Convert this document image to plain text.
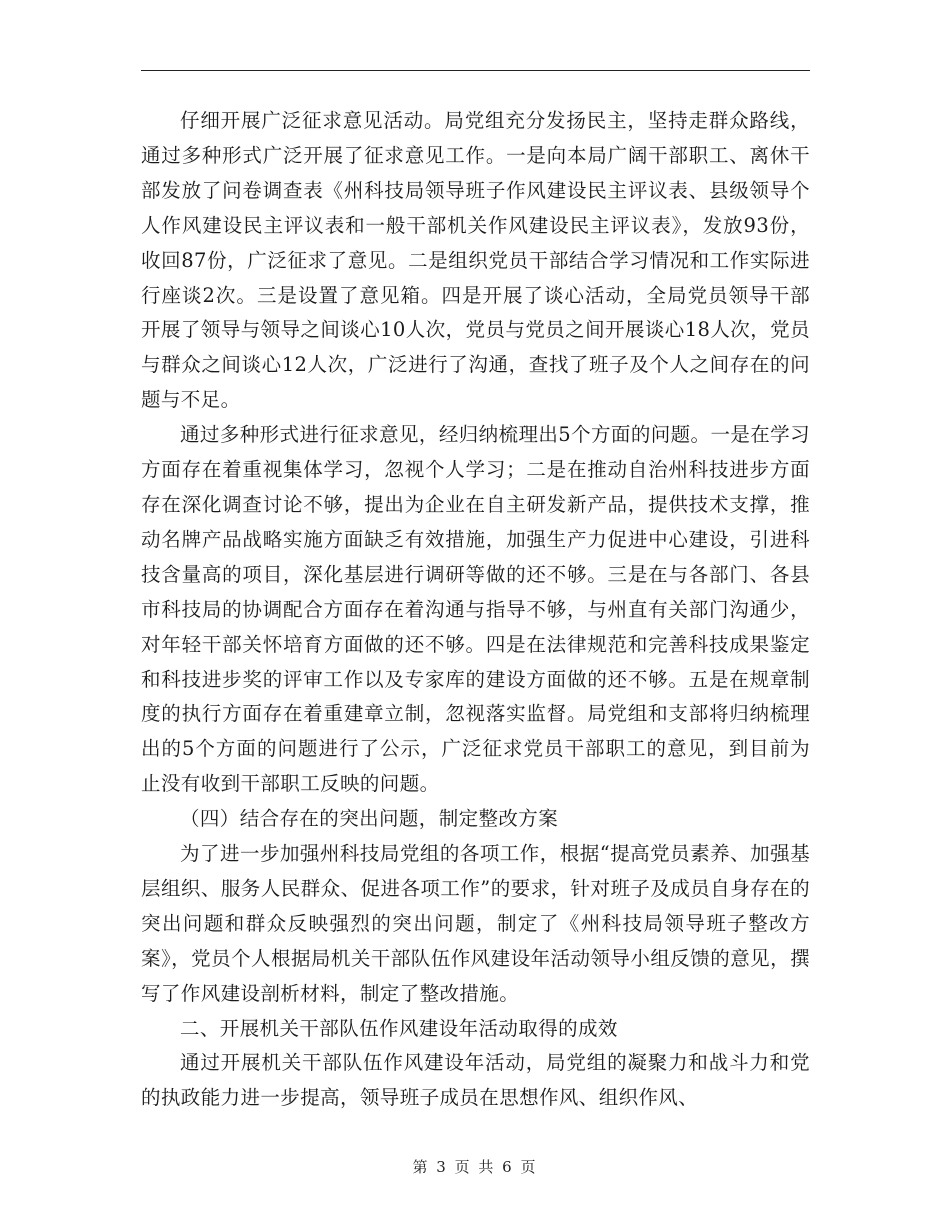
仔细开展广泛征求意见活动。局党组充分发扬民主，坚持走群众路线，通过多种形式广泛开展了征求意见工作。一是向本局广阔干部职工、离休干部发放了问卷调查表《州科技局领导班子作风建设民主评议表、县级领导个人作风建设民主评议表和一般干部机关作风建设民主评议表》，发放93份，收回87份，广泛征求了意见。二是组织党员干部结合学习情况和工作实际进行座谈2次。三是设置了意见箱。四是开展了谈心活动，全局党员领导干部开展了领导与领导之间谈心10人次，党员与党员之间开展谈心18人次，党员与群众之间谈心12人次，广泛进行了沟通，查找了班子及个人之间存在的问题与不足。

通过多种形式进行征求意见，经归纳梳理出5个方面的问题。一是在学习方面存在着重视集体学习，忽视个人学习；二是在推动自治州科技进步方面存在深化调查讨论不够，提出为企业在自主研发新产品，提供技术支撑，推动名牌产品战略实施方面缺乏有效措施，加强生产力促进中心建设，引进科技含量高的项目，深化基层进行调研等做的还不够。三是在与各部门、各县市科技局的协调配合方面存在着沟通与指导不够，与州直有关部门沟通少，对年轻干部关怀培育方面做的还不够。四是在法律规范和完善科技成果鉴定和科技进步奖的评审工作以及专家库的建设方面做的还不够。五是在规章制度的执行方面存在着重建章立制，忽视落实监督。局党组和支部将归纳梳理出的5个方面的问题进行了公示，广泛征求党员干部职工的意见，到目前为止没有收到干部职工反映的问题。

（四）结合存在的突出问题，制定整改方案

为了进一步加强州科技局党组的各项工作，根据“提高党员素养、加强基层组织、服务人民群众、促进各项工作”的要求，针对班子及成员自身存在的突出问题和群众反映强烈的突出问题，制定了《州科技局领导班子整改方案》，党员个人根据局机关干部队伍作风建设年活动领导小组反馈的意见，撰写了作风建设剖析材料，制定了整改措施。

二、开展机关干部队伍作风建设年活动取得的成效

通过开展机关干部队伍作风建设年活动，局党组的凝聚力和战斗力和党的执政能力进一步提高，领导班子成员在思想作风、组织作风、

第 3 页 共 6 页
